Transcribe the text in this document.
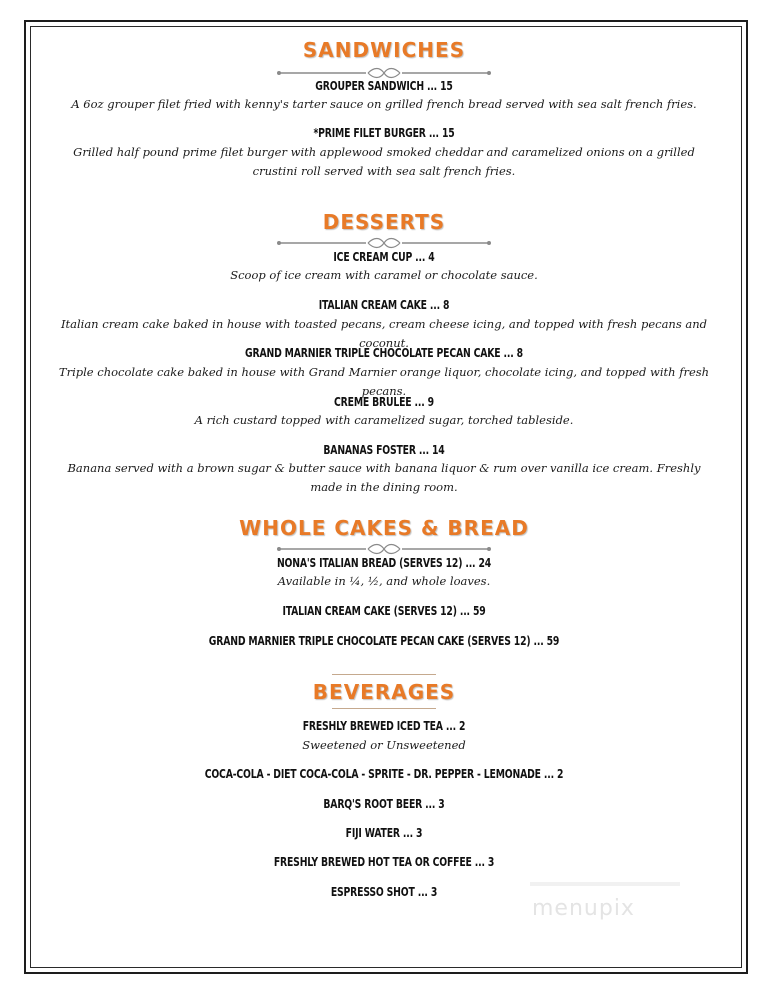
SANDWICHES

GROUPER SANDWICH ... 15

A 6oz grouper filet fried with kenny's tarter sauce on grilled french bread served with sea salt french fries.

*PRIME FILET BURGER ... 15

Grilled half pound prime filet burger with applewood smoked cheddar and caramelized onions on a grilled crustini roll served with sea salt french fries.

DESSERTS

ICE CREAM CUP ... 4

Scoop of ice cream with caramel or chocolate sauce.

ITALIAN CREAM CAKE ... 8

Italian cream cake baked in house with toasted pecans, cream cheese icing, and topped with fresh pecans and coconut.

GRAND MARNIER TRIPLE CHOCOLATE PECAN CAKE ... 8

Triple chocolate cake baked in house with Grand Marnier orange liquor, chocolate icing, and topped with fresh pecans.

CREME BRULEE ... 9

A rich custard topped with caramelized sugar, torched tableside.

BANANAS FOSTER ... 14

Banana served with a brown sugar & butter sauce with banana liquor & rum over vanilla ice cream. Freshly made in the dining room.

WHOLE CAKES & BREAD

NONA'S ITALIAN BREAD (SERVES 12) ... 24

Available in ¼, ½, and whole loaves.

ITALIAN CREAM CAKE (SERVES 12) ... 59

GRAND MARNIER TRIPLE CHOCOLATE PECAN CAKE (SERVES 12) ... 59

BEVERAGES

FRESHLY BREWED ICED TEA ... 2

Sweetened or Unsweetened

COCA-COLA - DIET COCA-COLA - SPRITE - DR. PEPPER - LEMONADE ... 2

BARQ'S ROOT BEER ... 3

FIJI WATER ... 3

FRESHLY BREWED HOT TEA OR COFFEE ... 3

ESPRESSO SHOT ... 3

menupix
